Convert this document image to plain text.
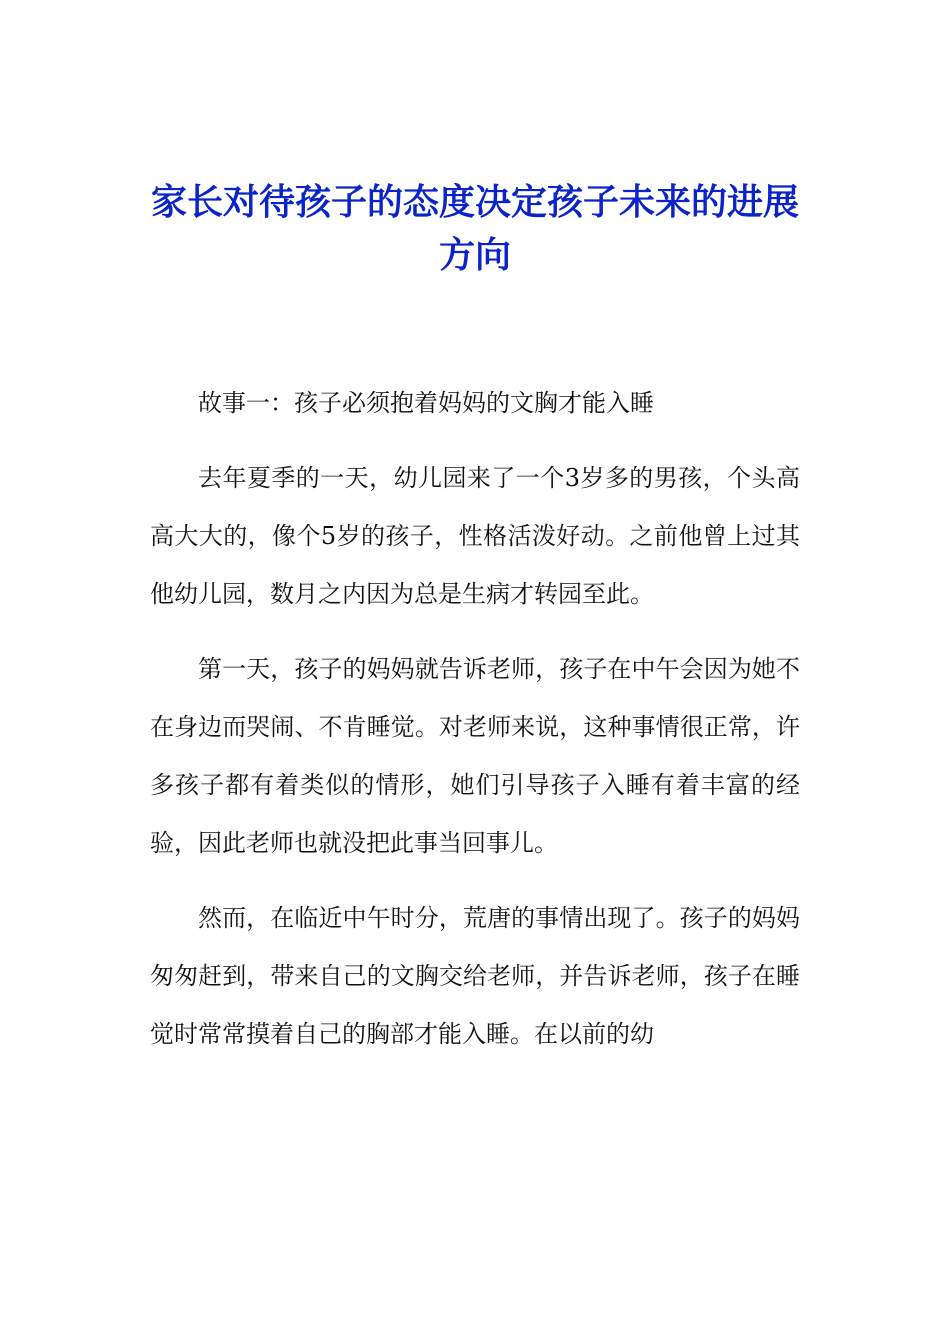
家长对待孩子的态度决定孩子未来的进展方向

故事一：孩子必须抱着妈妈的文胸才能入睡

去年夏季的一天，幼儿园来了一个3岁多的男孩，个头高高大大的，像个5岁的孩子，性格活泼好动。之前他曾上过其他幼儿园，数月之内因为总是生病才转园至此。

第一天，孩子的妈妈就告诉老师，孩子在中午会因为她不在身边而哭闹、不肯睡觉。对老师来说，这种事情很正常，许多孩子都有着类似的情形，她们引导孩子入睡有着丰富的经验，因此老师也就没把此事当回事儿。

然而，在临近中午时分，荒唐的事情出现了。孩子的妈妈匆匆赶到，带来自己的文胸交给老师，并告诉老师，孩子在睡觉时常常摸着自己的胸部才能入睡。在以前的幼
